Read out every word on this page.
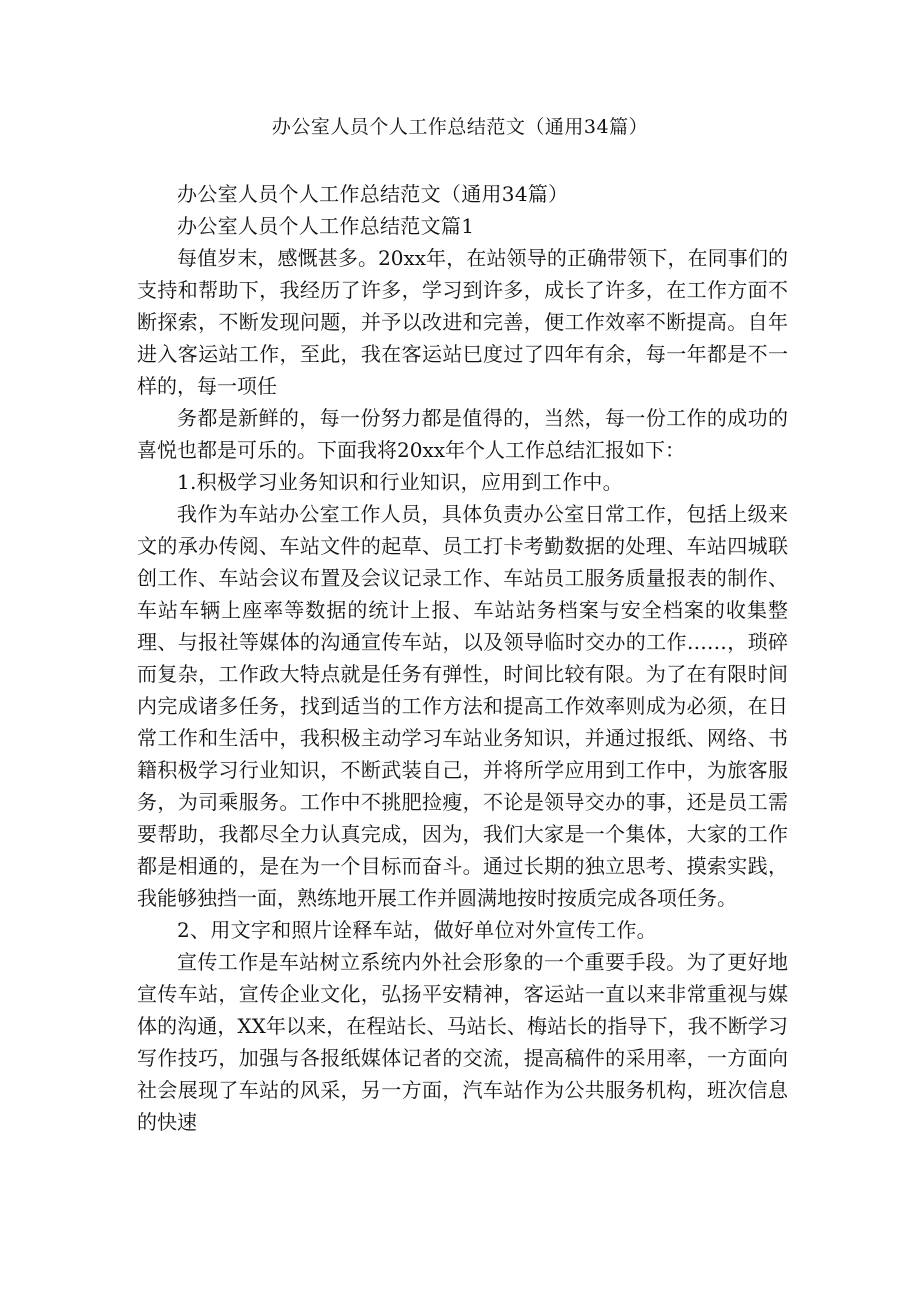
办公室人员个人工作总结范文（通用34篇）

办公室人员个人工作总结范文（通用34篇）

办公室人员个人工作总结范文篇1

每值岁末，感慨甚多。20xx年，在站领导的正确带领下，在同事们的支持和帮助下，我经历了许多，学习到许多，成长了许多，在工作方面不断探索，不断发现问题，并予以改进和完善，便工作效率不断提高。自年进入客运站工作，至此，我在客运站巳度过了四年有余，每一年都是不一样的，每一项任

务都是新鲜的，每一份努力都是值得的，当然，每一份工作的成功的喜悦也都是可乐的。下面我将20xx年个人工作总结汇报如下：

1.积极学习业务知识和行业知识，应用到工作中。

我作为车站办公室工作人员，具体负责办公室日常工作，包括上级来文的承办传阅、车站文件的起草、员工打卡考勤数据的处理、车站四城联创工作、车站会议布置及会议记录工作、车站员工服务质量报表的制作、车站车辆上座率等数据的统计上报、车站站务档案与安全档案的收集整理、与报社等媒体的沟通宣传车站，以及领导临时交办的工作……，琐碎而复杂，工作政大特点就是任务有弹性，时间比较有限。为了在有限时间内完成诸多任务，找到适当的工作方法和提高工作效率则成为必须，在日常工作和生活中，我积极主动学习车站业务知识，并通过报纸、网络、书籍积极学习行业知识，不断武装自己，并将所学应用到工作中，为旅客服务，为司乘服务。工作中不挑肥捡瘦，不论是领导交办的事，还是员工需要帮助，我都尽全力认真完成，因为，我们大家是一个集体，大家的工作都是相通的，是在为一个目标而奋斗。通过长期的独立思考、摸索实践，我能够独挡一面，熟练地开展工作并圆满地按时按质完成各项任务。

2、用文字和照片诠释车站，做好单位对外宣传工作。

宣传工作是车站树立系统内外社会形象的一个重要手段。为了更好地宣传车站，宣传企业文化，弘扬平安精神，客运站一直以来非常重视与媒体的沟通，XX年以来，在程站长、马站长、梅站长的指导下，我不断学习写作技巧，加强与各报纸媒体记者的交流，提高稿件的采用率，一方面向社会展现了车站的风采，另一方面，汽车站作为公共服务机构，班次信息的快速
